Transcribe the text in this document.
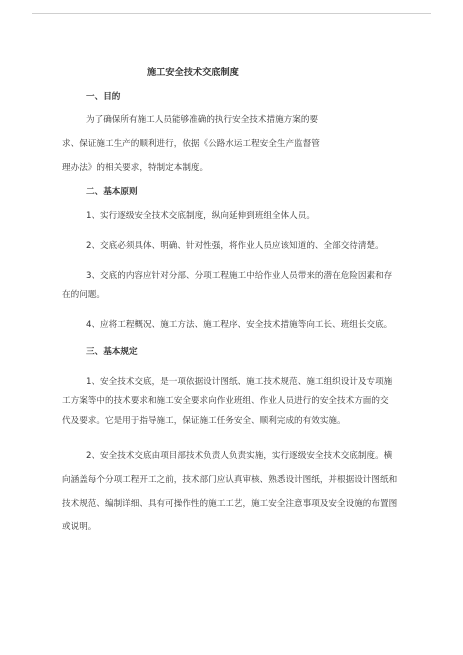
施工安全技术交底制度
一、目的

为了确保所有施工人员能够准确的执行安全技术措施方案的要

求、保证施工生产的顺利进行，依据《公路水运工程安全生产监督管

理办法》的相关要求，特制定本制度。

二、基本原则

1、实行逐级安全技术交底制度，纵向延伸到班组全体人员。

2、交底必须具体、明确、针对性强，将作业人员应该知道的、全部交待清楚。

3、交底的内容应针对分部、分项工程施工中给作业人员带来的潜在危险因素和存

在的问题。

4、应将工程概况、施工方法、施工程序、安全技术措施等向工长、班组长交底。

三、基本规定

1、安全技术交底，是一项依据设计图纸、施工技术规范、施工组织设计及专项施

工方案等中的技术要求和施工安全要求向作业班组、作业人员进行的安全技术方面的交

代及要求。它是用于指导施工，保证施工任务安全、顺利完成的有效实施。

2、安全技术交底由项目部技术负责人负责实施，实行逐级安全技术交底制度。横

向涵盖每个分项工程开工之前，技术部门应认真审核、熟悉设计图纸，并根据设计图纸和

技术规范、编制详细、具有可操作性的施工工艺，施工安全注意事项及安全设施的布置图

或说明。
